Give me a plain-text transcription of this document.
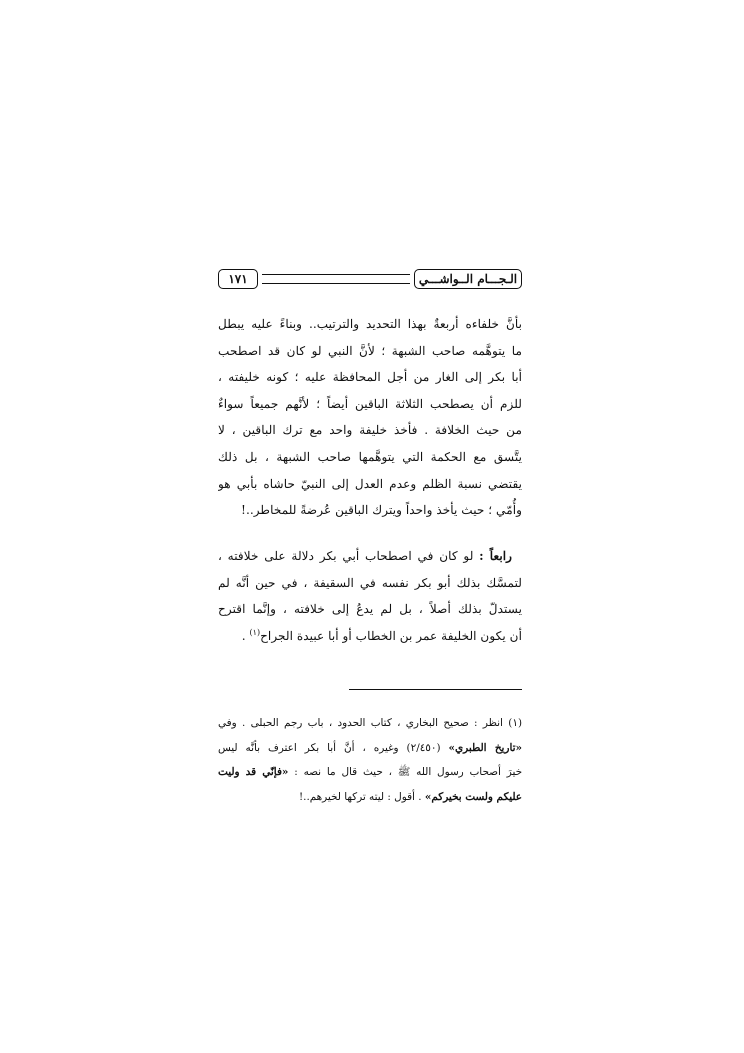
الـجـــام الــواشـــي
١٧١
بأنَّ خلفاءه أربعةٌ بهذا التحديد والترتيب.. وبناءً عليه يبطل
ما يتوهَّمه صاحب الشبهة ؛ لأنَّ النبي لو كان قد اصطحب
أبا بكر إلى الغار من أجل المحافظة عليه ؛ كونه خليفته ،
للزم أن يصطحب الثلاثة الباقين أيضاً ؛ لأنَّهم جميعاً سواءٌ
من حيث الخلافة . فأخذ خليفة واحد مع ترك الباقين ، لا
يتَّسق مع الحكمة التي يتوهَّمها صاحب الشبهة ، بل ذلك
يقتضي نسبة الظلم وعدم العدل إلى النبيّ حاشاه بأبي هو
وأُمّي ؛ حيث يأخذ واحداً ويترك الباقين عُرضةً للمخاطر..!
رابعاً : لو كان في اصطحاب أبي بكر دلالة على خلافته ،
لتمسَّك بذلك أبو بكر نفسه في السقيفة ، في حين أنَّه لم
يستدلّ بذلك أصلاً ، بل لم يدعُ إلى خلافته ، وإنَّما اقترح
أن يكون الخليفة عمر بن الخطاب أو أبا عبيدة الجراح$^{(١)}$ .
(١) انظر : صحيح البخاري ، كتاب الحدود ، باب رجم الحبلى . وفي
«تاريخ الطبري» (٢/٤٥٠) وغيره ، أنَّ أبا بكر اعترف بأنَّه ليس
خيرَ أصحاب رسول الله ﷺ ، حيث قال ما نصه : «فإنّي قد وليت
عليكم ولست بخيركم» . أقول : ليته تركها لخيرهم..!
